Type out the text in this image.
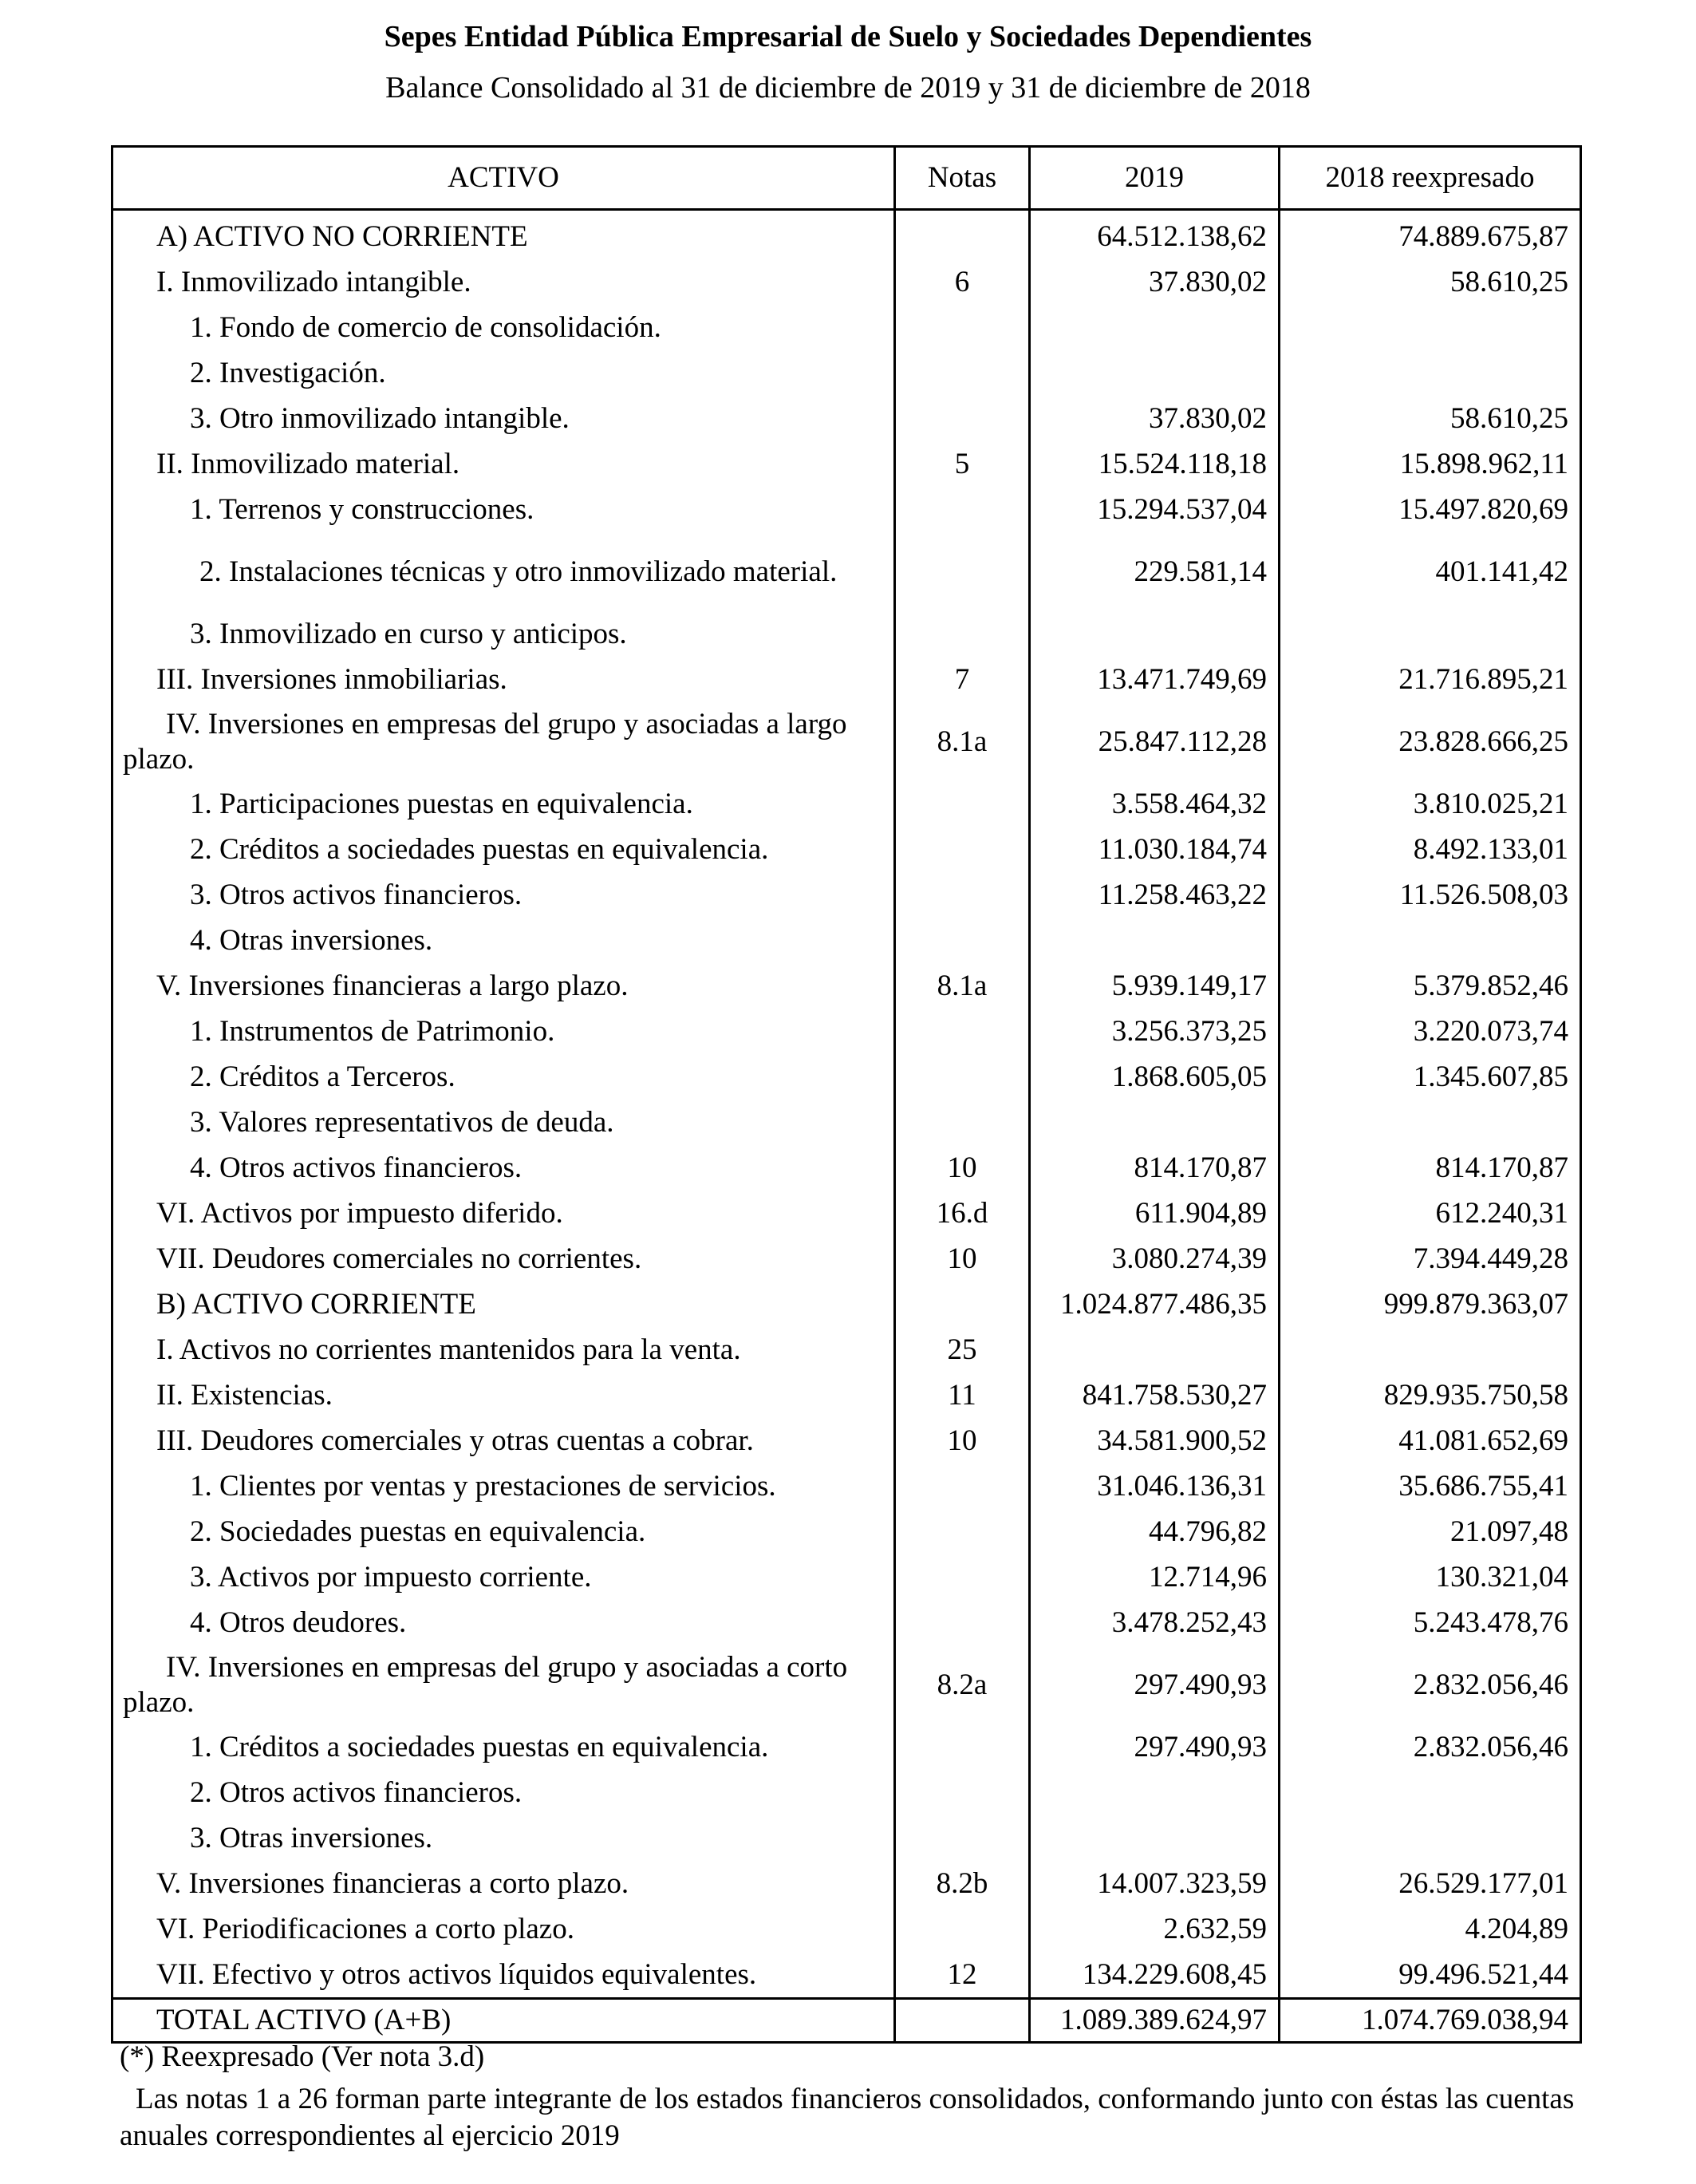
Sepes Entidad Pública Empresarial de Suelo y Sociedades Dependientes
Balance Consolidado al 31 de diciembre de 2019 y 31 de diciembre de 2018
ACTIVO	Notas	2019	2018 reexpresado

A) ACTIVO NO CORRIENTE		64.512.138,62	74.889.675,87

I. Inmovilizado intangible.	6	37.830,02	58.610,25

1. Fondo de comercio de consolidación.			

2. Investigación.			

3. Otro inmovilizado intangible.		37.830,02	58.610,25

II. Inmovilizado material.	5	15.524.118,18	15.898.962,11

1. Terrenos y construcciones.		15.294.537,04	15.497.820,69

2. Instalaciones técnicas y otro inmovilizado material.		229.581,14	401.141,42

3. Inmovilizado en curso y anticipos.			

III. Inversiones inmobiliarias.	7	13.471.749,69	21.716.895,21

IV. Inversiones en empresas del grupo y asociadas a largo plazo.	8.1a	25.847.112,28	23.828.666,25

1. Participaciones puestas en equivalencia.		3.558.464,32	3.810.025,21

2. Créditos a sociedades puestas en equivalencia.		11.030.184,74	8.492.133,01

3. Otros activos financieros.		11.258.463,22	11.526.508,03

4. Otras inversiones.			

V. Inversiones financieras a largo plazo.	8.1a	5.939.149,17	5.379.852,46

1. Instrumentos de Patrimonio.		3.256.373,25	3.220.073,74

2. Créditos a Terceros.		1.868.605,05	1.345.607,85

3. Valores representativos de deuda.			

4. Otros activos financieros.	10	814.170,87	814.170,87

VI. Activos por impuesto diferido.	16.d	611.904,89	612.240,31

VII. Deudores comerciales no corrientes.	10	3.080.274,39	7.394.449,28

B) ACTIVO CORRIENTE		1.024.877.486,35	999.879.363,07

I. Activos no corrientes mantenidos para la venta.	25		

II. Existencias.	11	841.758.530,27	829.935.750,58

III. Deudores comerciales y otras cuentas a cobrar.	10	34.581.900,52	41.081.652,69

1. Clientes por ventas y prestaciones de servicios.		31.046.136,31	35.686.755,41

2. Sociedades puestas en equivalencia.		44.796,82	21.097,48

3. Activos por impuesto corriente.		12.714,96	130.321,04

4. Otros deudores.		3.478.252,43	5.243.478,76

IV. Inversiones en empresas del grupo y asociadas a corto plazo.	8.2a	297.490,93	2.832.056,46

1. Créditos a sociedades puestas en equivalencia.		297.490,93	2.832.056,46

2. Otros activos financieros.			

3. Otras inversiones.			

V. Inversiones financieras a corto plazo.	8.2b	14.007.323,59	26.529.177,01

VI. Periodificaciones a corto plazo.		2.632,59	4.204,89

VII. Efectivo y otros activos líquidos equivalentes.	12	134.229.608,45	99.496.521,44

TOTAL ACTIVO (A+B)		1.089.389.624,97	1.074.769.038,94
(*) Reexpresado (Ver nota 3.d)
Las notas 1 a 26 forman parte integrante de los estados financieros consolidados, conformando junto con éstas las cuentas anuales correspondientes al ejercicio 2019
